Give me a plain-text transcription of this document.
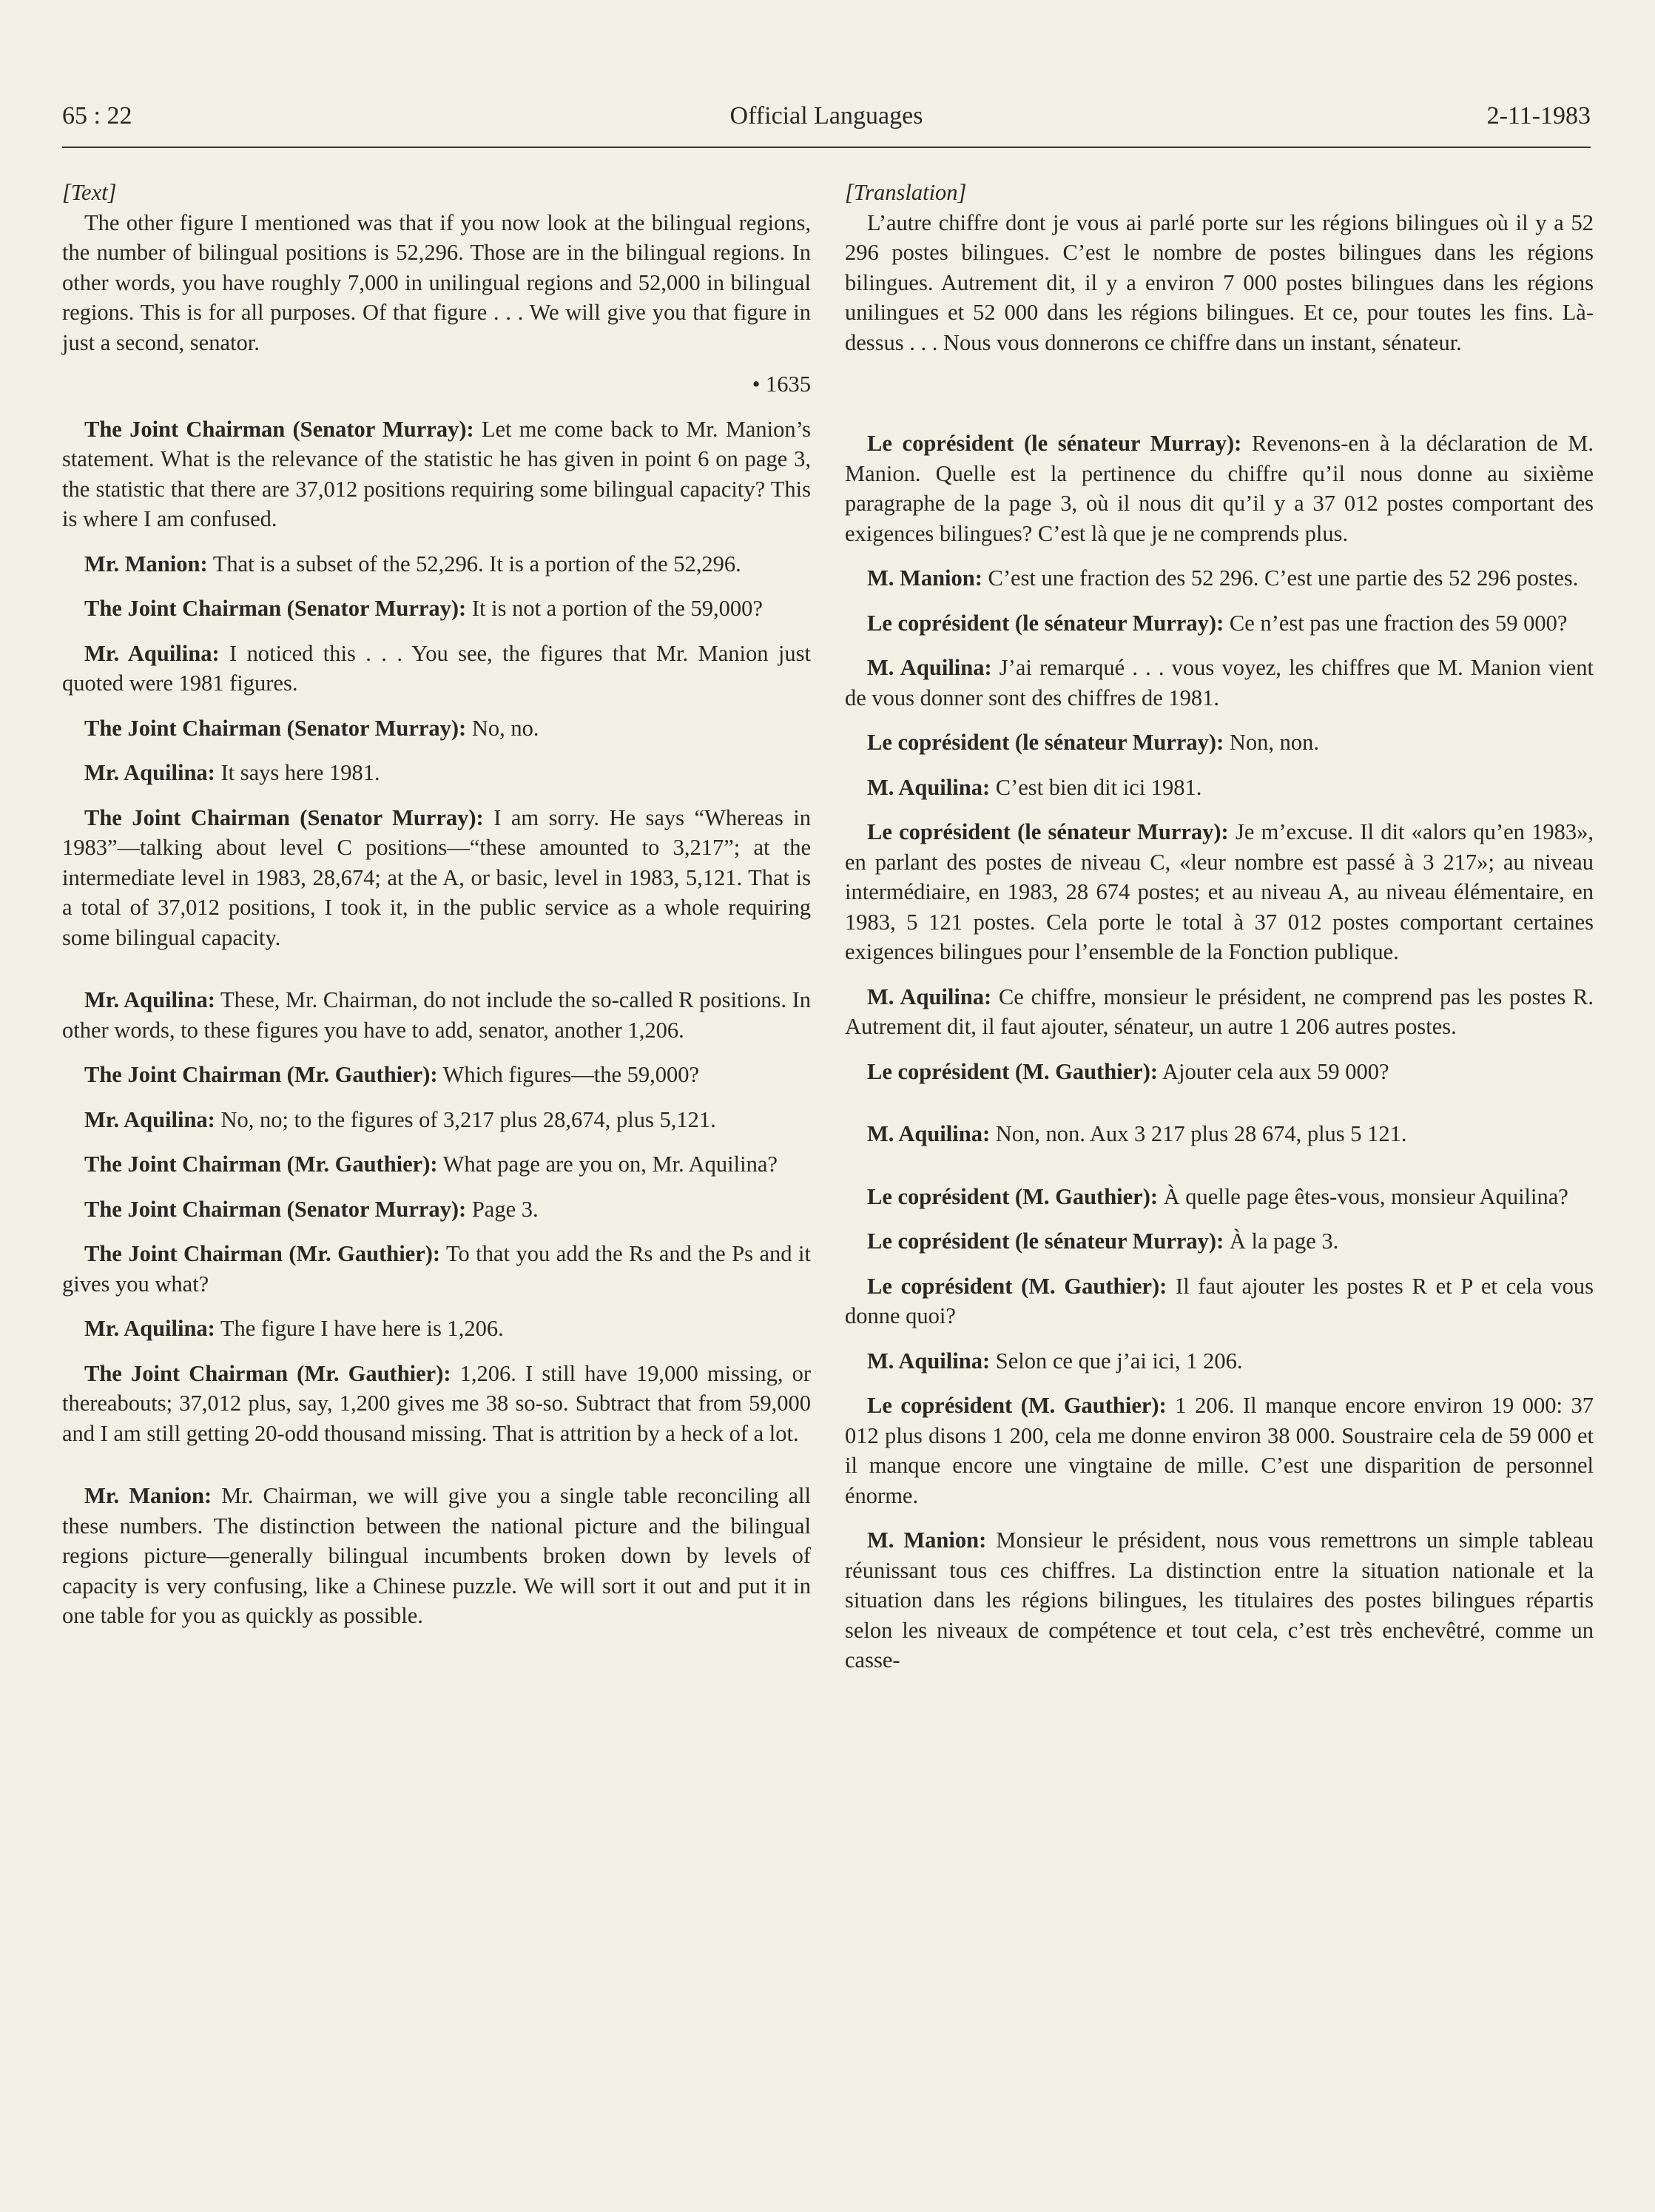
65 : 22	Official Languages	2-11-1983
[Text]

The other figure I mentioned was that if you now look at the bilingual regions, the number of bilingual positions is 52,296. Those are in the bilingual regions. In other words, you have roughly 7,000 in unilingual regions and 52,000 in bilingual regions. This is for all purposes. Of that figure . . . We will give you that figure in just a second, senator.

• 1635

The Joint Chairman (Senator Murray): Let me come back to Mr. Manion’s statement. What is the relevance of the statistic he has given in point 6 on page 3, the statistic that there are 37,012 positions requiring some bilingual capacity? This is where I am confused.

Mr. Manion: That is a subset of the 52,296. It is a portion of the 52,296.

The Joint Chairman (Senator Murray): It is not a portion of the 59,000?

Mr. Aquilina: I noticed this . . . You see, the figures that Mr. Manion just quoted were 1981 figures.

The Joint Chairman (Senator Murray): No, no.

Mr. Aquilina: It says here 1981.

The Joint Chairman (Senator Murray): I am sorry. He says “Whereas in 1983”—talking about level C positions—“these amounted to 3,217”; at the intermediate level in 1983, 28,674; at the A, or basic, level in 1983, 5,121. That is a total of 37,012 positions, I took it, in the public service as a whole requiring some bilingual capacity.

Mr. Aquilina: These, Mr. Chairman, do not include the so-called R positions. In other words, to these figures you have to add, senator, another 1,206.

The Joint Chairman (Mr. Gauthier): Which figures—the 59,000?

Mr. Aquilina: No, no; to the figures of 3,217 plus 28,674, plus 5,121.

The Joint Chairman (Mr. Gauthier): What page are you on, Mr. Aquilina?

The Joint Chairman (Senator Murray): Page 3.

The Joint Chairman (Mr. Gauthier): To that you add the Rs and the Ps and it gives you what?

Mr. Aquilina: The figure I have here is 1,206.

The Joint Chairman (Mr. Gauthier): 1,206. I still have 19,000 missing, or thereabouts; 37,012 plus, say, 1,200 gives me 38 so-so. Subtract that from 59,000 and I am still getting 20-odd thousand missing. That is attrition by a heck of a lot.

Mr. Manion: Mr. Chairman, we will give you a single table reconciling all these numbers. The distinction between the national picture and the bilingual regions picture—generally bilingual incumbents broken down by levels of capacity is very confusing, like a Chinese puzzle. We will sort it out and put it in one table for you as quickly as possible.

[Translation]

L’autre chiffre dont je vous ai parlé porte sur les régions bilingues où il y a 52 296 postes bilingues. C’est le nombre de postes bilingues dans les régions bilingues. Autrement dit, il y a environ 7 000 postes bilingues dans les régions unilingues et 52 000 dans les régions bilingues. Et ce, pour toutes les fins. Là-dessus . . . Nous vous donnerons ce chiffre dans un instant, sénateur.

Le coprésident (le sénateur Murray): Revenons-en à la déclaration de M. Manion. Quelle est la pertinence du chiffre qu’il nous donne au sixième paragraphe de la page 3, où il nous dit qu’il y a 37 012 postes comportant des exigences bilingues? C’est là que je ne comprends plus.

M. Manion: C’est une fraction des 52 296. C’est une partie des 52 296 postes.

Le coprésident (le sénateur Murray): Ce n’est pas une fraction des 59 000?

M. Aquilina: J’ai remarqué . . . vous voyez, les chiffres que M. Manion vient de vous donner sont des chiffres de 1981.

Le coprésident (le sénateur Murray): Non, non.

M. Aquilina: C’est bien dit ici 1981.

Le coprésident (le sénateur Murray): Je m’excuse. Il dit «alors qu’en 1983», en parlant des postes de niveau C, «leur nombre est passé à 3 217»; au niveau intermédiaire, en 1983, 28 674 postes; et au niveau A, au niveau élémentaire, en 1983, 5 121 postes. Cela porte le total à 37 012 postes comportant certaines exigences bilingues pour l’ensemble de la Fonction publique.

M. Aquilina: Ce chiffre, monsieur le président, ne comprend pas les postes R. Autrement dit, il faut ajouter, sénateur, un autre 1 206 autres postes.

Le coprésident (M. Gauthier): Ajouter cela aux 59 000?

M. Aquilina: Non, non. Aux 3 217 plus 28 674, plus 5 121.

Le coprésident (M. Gauthier): À quelle page êtes-vous, monsieur Aquilina?

Le coprésident (le sénateur Murray): À la page 3.

Le coprésident (M. Gauthier): Il faut ajouter les postes R et P et cela vous donne quoi?

M. Aquilina: Selon ce que j’ai ici, 1 206.

Le coprésident (M. Gauthier): 1 206. Il manque encore environ 19 000: 37 012 plus disons 1 200, cela me donne environ 38 000. Soustraire cela de 59 000 et il manque encore une vingtaine de mille. C’est une disparition de personnel énorme.

M. Manion: Monsieur le président, nous vous remettrons un simple tableau réunissant tous ces chiffres. La distinction entre la situation nationale et la situation dans les régions bilingues, les titulaires des postes bilingues répartis selon les niveaux de compétence et tout cela, c’est très enchevêtré, comme un casse-
